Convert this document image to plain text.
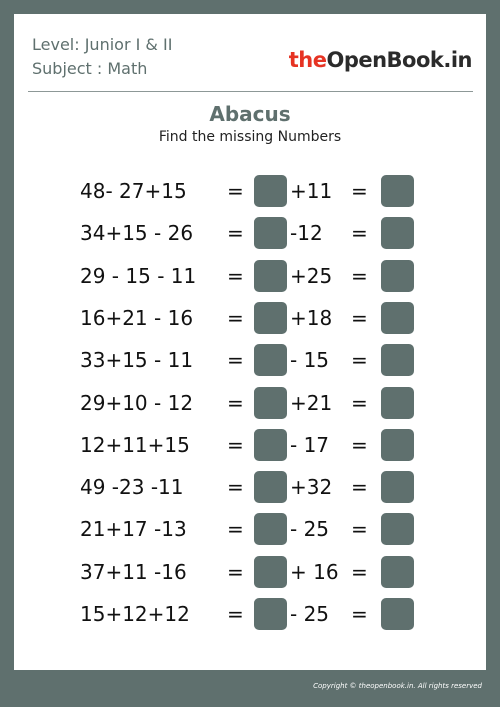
Level: Junior I & II
Subject : Math	theOpenBook.in
Abacus
Find the missing Numbers
48- 27+15 = +11 =
34+15 - 26 = -12 =
29 - 15 - 11 = +25 =
16+21 - 16 = +18 =
33+15 - 11 = - 15 =
29+10 - 12 = +21 =
12+11+15 = - 17 =
49 -23 -11 = +32 =
21+17 -13 = - 25 =
37+11 -16 = + 16 =
15+12+12 = - 25 =
Copyright © theopenbook.in. All rights reserved
